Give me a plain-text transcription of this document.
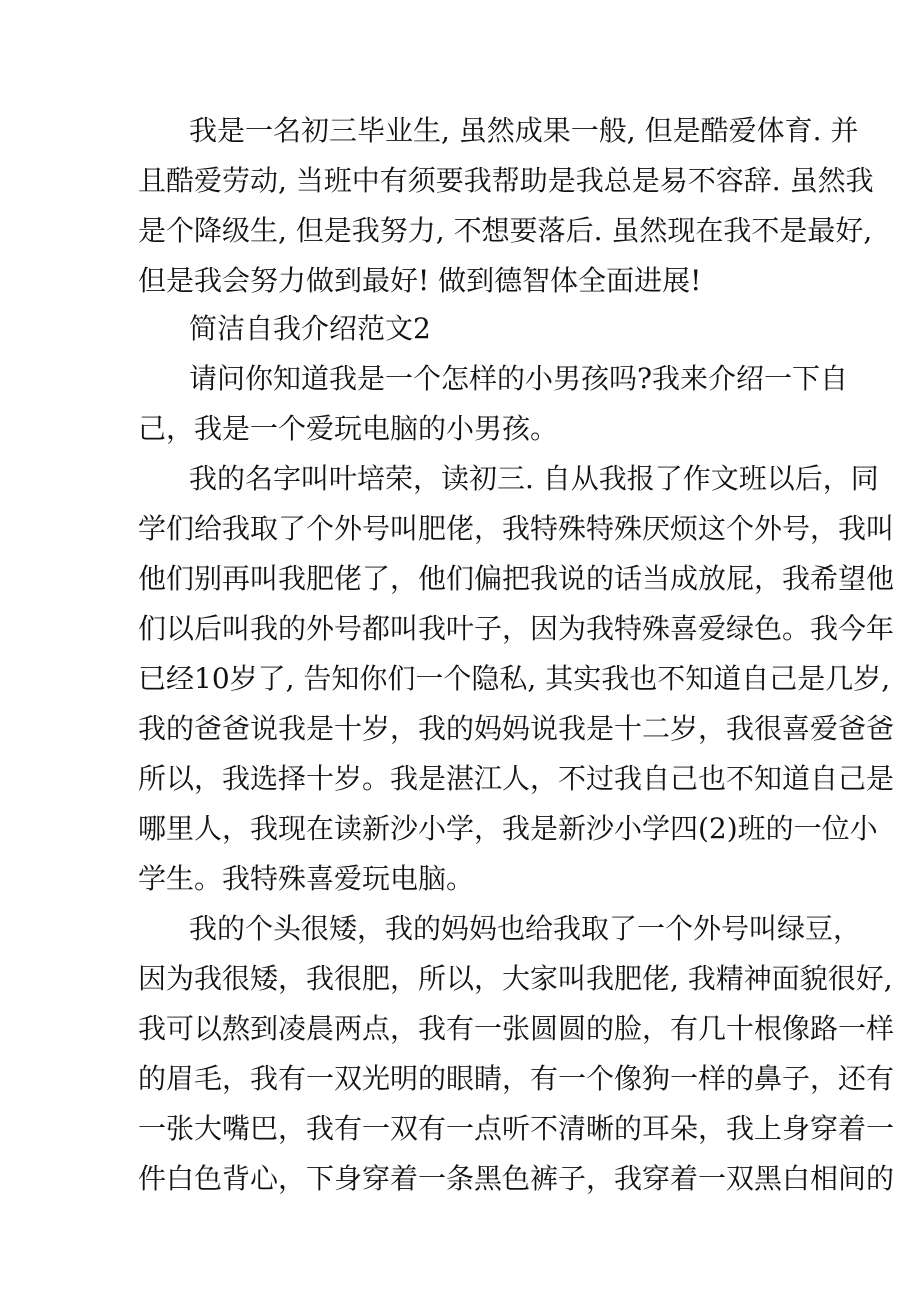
我是一名初三毕业生, 虽然成果一般, 但是酷爱体育. 并
且酷爱劳动, 当班中有须要我帮助是我总是易不容辞. 虽然我
是个降级生, 但是我努力, 不想要落后. 虽然现在我不是最好,
但是我会努力做到最好! 做到德智体全面进展!
简洁自我介绍范文2
请问你知道我是一个怎样的小男孩吗?我来介绍一下自
己，我是一个爱玩电脑的小男孩。
我的名字叫叶培荣，读初三. 自从我报了作文班以后，同
学们给我取了个外号叫肥佬，我特殊特殊厌烦这个外号，我叫
他们别再叫我肥佬了，他们偏把我说的话当成放屁，我希望他
们以后叫我的外号都叫我叶子，因为我特殊喜爱绿色。我今年
已经10岁了, 告知你们一个隐私, 其实我也不知道自己是几岁,
我的爸爸说我是十岁，我的妈妈说我是十二岁，我很喜爱爸爸
所以，我选择十岁。我是湛江人，不过我自己也不知道自己是
哪里人，我现在读新沙小学，我是新沙小学四(2)班的一位小
学生。我特殊喜爱玩电脑。
我的个头很矮，我的妈妈也给我取了一个外号叫绿豆，
因为我很矮，我很肥，所以，大家叫我肥佬, 我精神面貌很好,
我可以熬到凌晨两点，我有一张圆圆的脸，有几十根像路一样
的眉毛，我有一双光明的眼睛，有一个像狗一样的鼻子，还有
一张大嘴巴，我有一双有一点听不清晰的耳朵，我上身穿着一
件白色背心，下身穿着一条黑色裤子，我穿着一双黑白相间的
